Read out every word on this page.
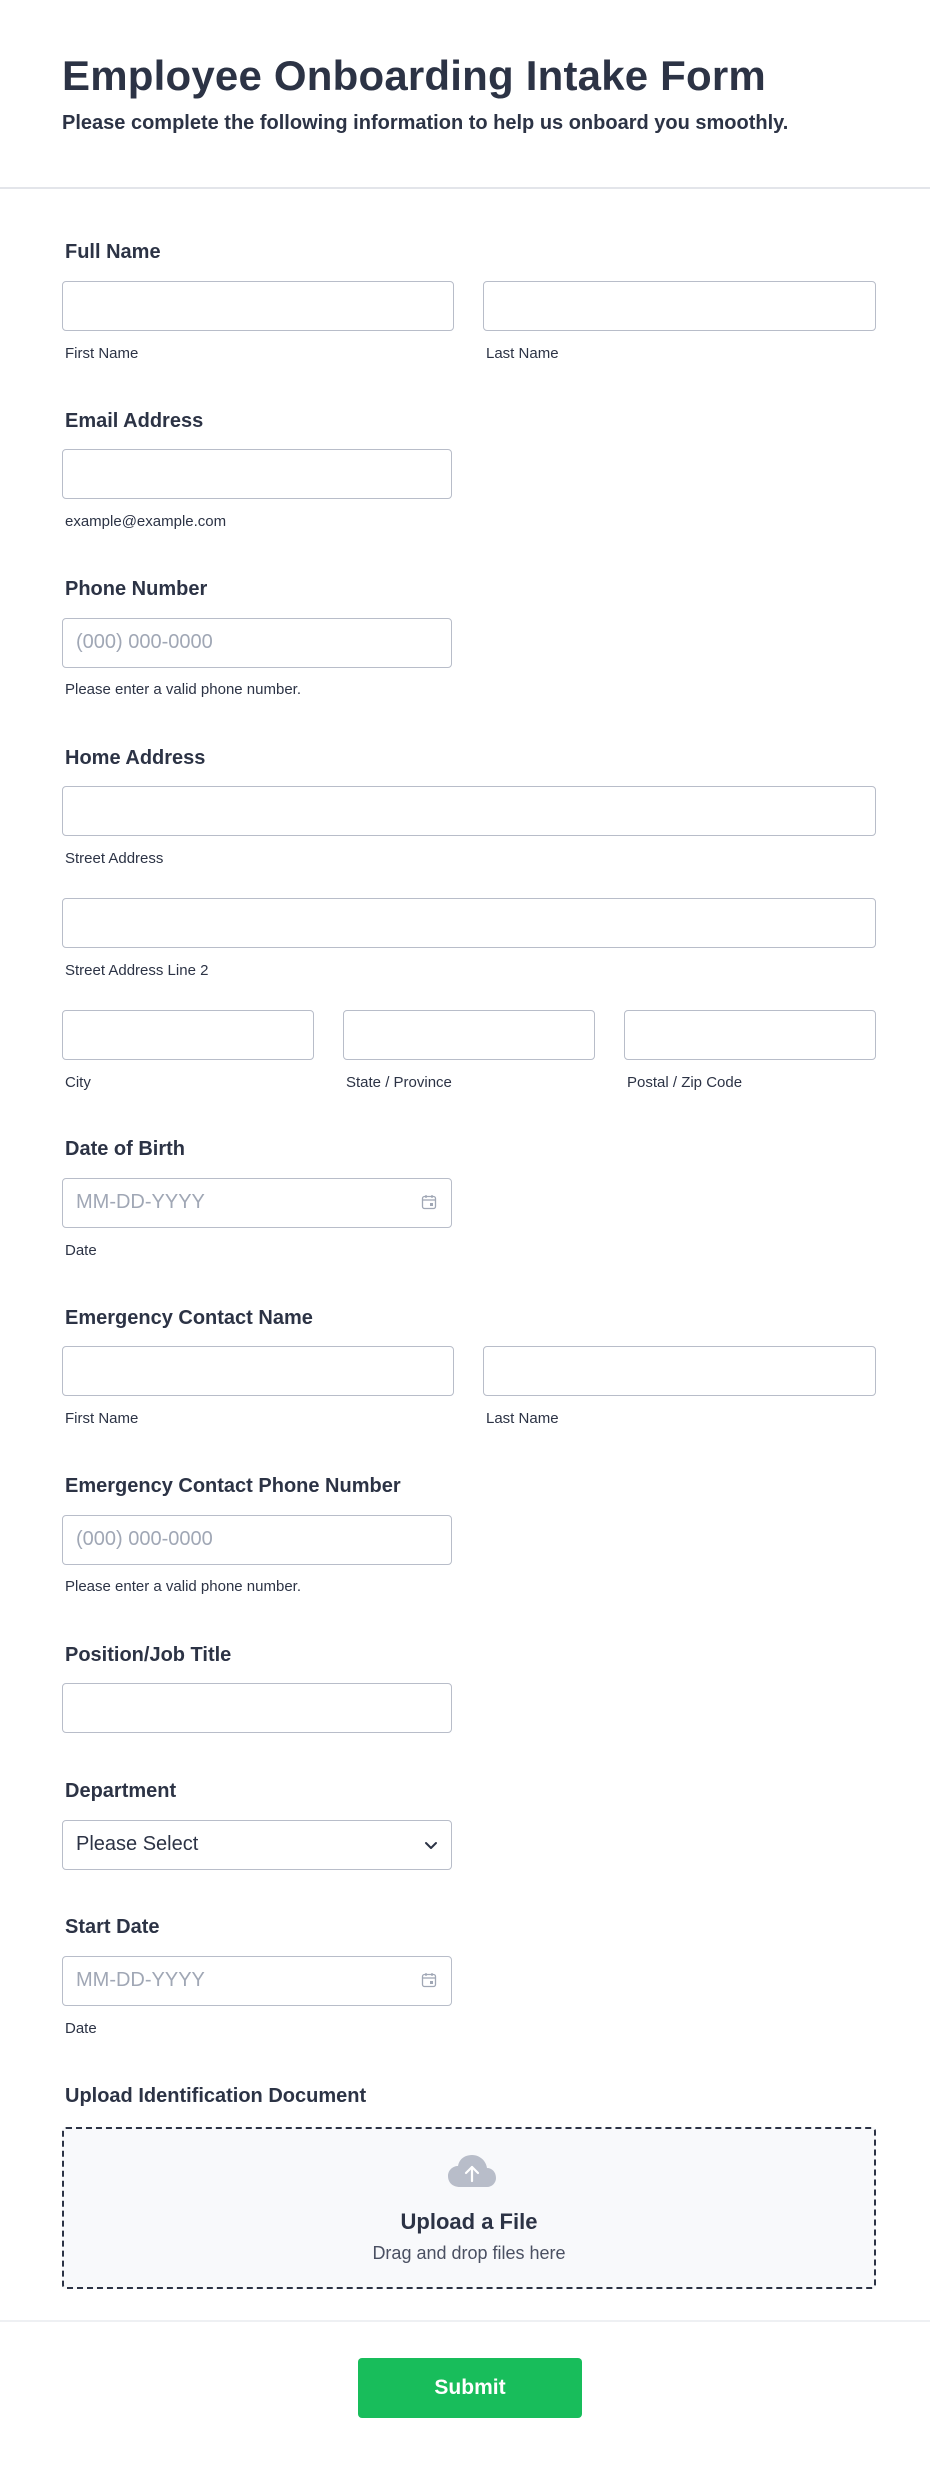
Employee Onboarding Intake Form
Please complete the following information to help us onboard you smoothly.
Full Name
First Name	Last Name
Email Address
example@example.com
Phone Number
(000) 000-0000
Please enter a valid phone number.
Home Address
Street Address
Street Address Line 2
City	State / Province	Postal / Zip Code
Date of Birth
MM-DD-YYYY
Date
Emergency Contact Name
First Name	Last Name
Emergency Contact Phone Number
(000) 000-0000
Please enter a valid phone number.
Position/Job Title
Department
Please Select
Start Date
MM-DD-YYYY
Date
Upload Identification Document
Upload a File
Drag and drop files here
Submit
